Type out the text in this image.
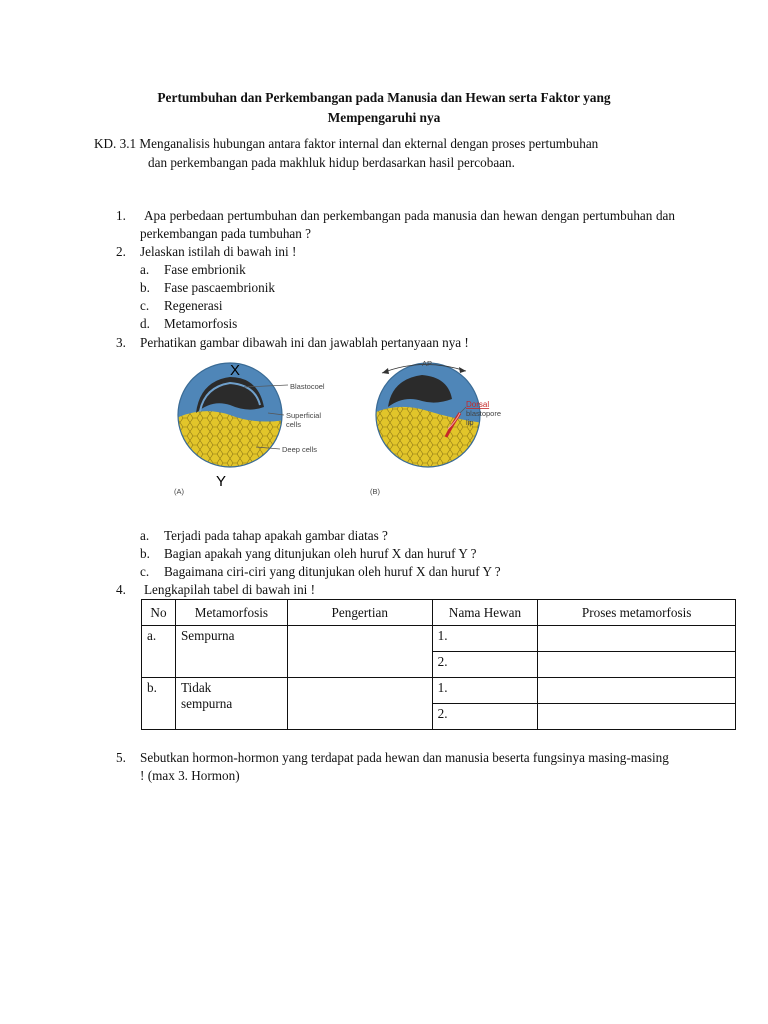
Pertumbuhan dan Perkembangan pada Manusia dan Hewan serta Faktor yang
Mempengaruhi nya
KD. 3.1 Menganalisis hubungan antara faktor internal dan ekternal dengan proses pertumbuhan
dan perkembangan pada makhluk hidup berdasarkan hasil percobaan.
1.	Apa perbedaan pertumbuhan dan perkembangan pada manusia dan hewan dengan pertumbuhan dan perkembangan pada tumbuhan ?
2. Jelaskan istilah di bawah ini !
a. Fase embrionik
b. Fase pascaembrionik
c. Regenerasi
d. Metamorfosis
3. Perhatikan gambar dibawah ini dan jawablah pertanyaan nya !
X
Y
Blastocoel
Superficial
cells
Deep cells
(A)
AP
Dorsal
blastopore
lip
(B)
a. Terjadi pada tahap apakah gambar diatas ?
b. Bagian apakah yang ditunjukan oleh huruf X dan huruf Y ?
c. Bagaimana ciri-ciri yang ditunjukan oleh huruf X dan huruf Y ?
4.	Lengkapilah tabel di bawah ini !
No	Metamorfosis	Pengertian	Nama Hewan	Proses metamorfosis
a.	Sempurna		1.	
			2.	
b.	Tidak sempurna		1.	
			2.	
5. Sebutkan hormon-hormon yang terdapat pada hewan dan manusia beserta fungsinya masing-masing ! (max 3. Hormon)
